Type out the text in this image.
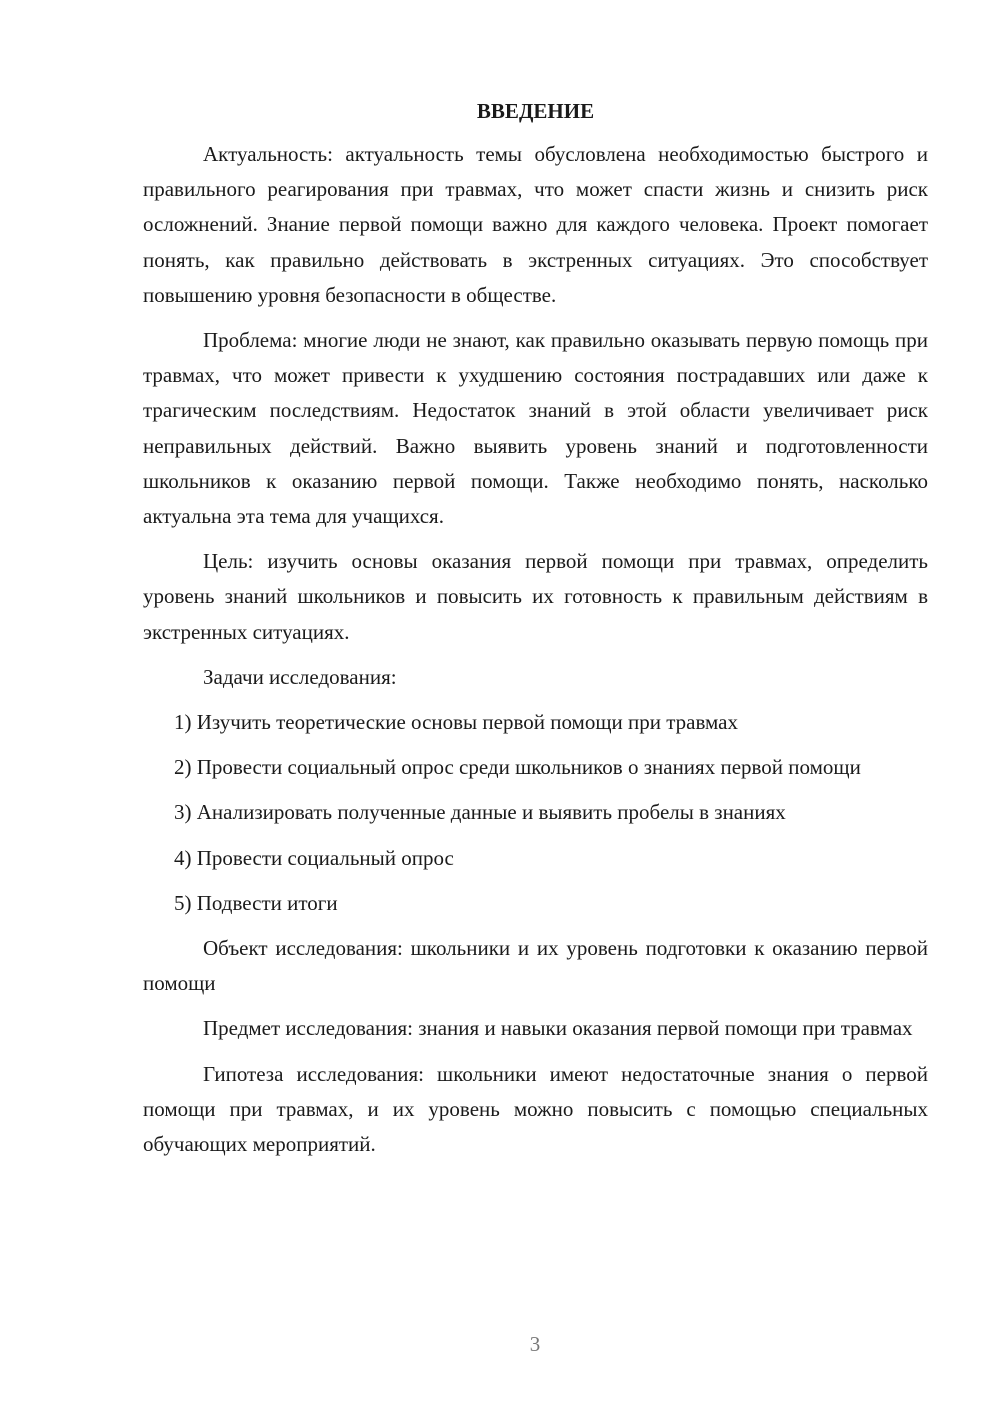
ВВЕДЕНИЕ

Актуальность: актуальность темы обусловлена необходимостью быстрого и правильного реагирования при травмах, что может спасти жизнь и снизить риск осложнений. Знание первой помощи важно для каждого человека. Проект помогает понять, как правильно действовать в экстренных ситуациях. Это способствует повышению уровня безопасности в обществе.

Проблема: многие люди не знают, как правильно оказывать первую помощь при травмах, что может привести к ухудшению состояния пострадавших или даже к трагическим последствиям. Недостаток знаний в этой области увеличивает риск неправильных действий. Важно выявить уровень знаний и подготовленности школьников к оказанию первой помощи. Также необходимо понять, насколько актуальна эта тема для учащихся.

Цель: изучить основы оказания первой помощи при травмах, определить уровень знаний школьников и повысить их готовность к правильным действиям в экстренных ситуациях.

Задачи исследования:

1) Изучить теоретические основы первой помощи при травмах

2) Провести социальный опрос среди школьников о знаниях первой помощи

3) Анализировать полученные данные и выявить пробелы в знаниях

4) Провести социальный опрос

5) Подвести итоги

Объект исследования: школьники и их уровень подготовки к оказанию первой помощи

Предмет исследования: знания и навыки оказания первой помощи при травмах

Гипотеза исследования: школьники имеют недостаточные знания о первой помощи при травмах, и их уровень можно повысить с помощью специальных обучающих мероприятий.

3
